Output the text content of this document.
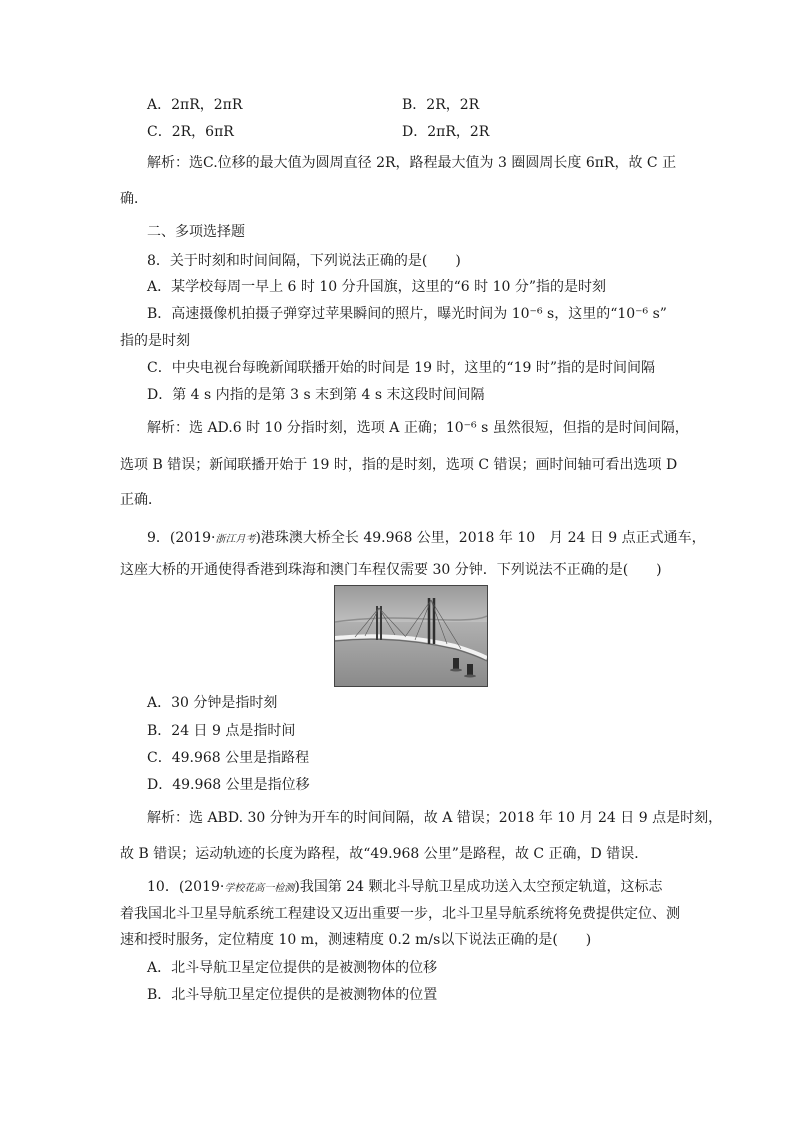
A．2πR，2πR	B．2R，2R
C．2R，6πR	D．2πR，2R
解析：选C.位移的最大值为圆周直径 2R，路程最大值为 3 圈圆周长度 6πR，故 C 正
确．
二、多项选择题
8．关于时刻和时间间隔，下列说法正确的是(　　)
A．某学校每周一早上 6 时 10 分升国旗，这里的“6 时 10 分”指的是时刻
B．高速摄像机拍摄子弹穿过苹果瞬间的照片，曝光时间为 10⁻⁶ s，这里的“10⁻⁶ s”
指的是时刻
C．中央电视台每晚新闻联播开始的时间是 19 时，这里的“19 时”指的是时间间隔
D．第 4 s 内指的是第 3 s 末到第 4 s 末这段时间间隔
解析：选 AD.6 时 10 分指时刻，选项 A 正确；10⁻⁶ s 虽然很短，但指的是时间间隔，
选项 B 错误；新闻联播开始于 19 时，指的是时刻，选项 C 错误；画时间轴可看出选项 D
正确．
9．(2019·浙江月考)港珠澳大桥全长 49.968 公里，2018 年 10　月 24 日 9 点正式通车，
这座大桥的开通使得香港到珠海和澳门车程仅需要 30 分钟．下列说法不正确的是(　　)
A．30 分钟是指时刻
B．24 日 9 点是指时间
C．49.968 公里是指路程
D．49.968 公里是指位移
解析：选 ABD. 30 分钟为开车的时间间隔，故 A 错误；2018 年 10 月 24 日 9 点是时刻，
故 B 错误；运动轨迹的长度为路程，故“49.968 公里”是路程，故 C 正确，D 错误．
10．(2019·学校花高一检测)我国第 24 颗北斗导航卫星成功送入太空预定轨道，这标志
着我国北斗卫星导航系统工程建设又迈出重要一步，北斗卫星导航系统将免费提供定位、测
速和授时服务，定位精度 10 m，测速精度 0.2 m/s以下说法正确的是(　　)
A．北斗导航卫星定位提供的是被测物体的位移
B．北斗导航卫星定位提供的是被测物体的位置
